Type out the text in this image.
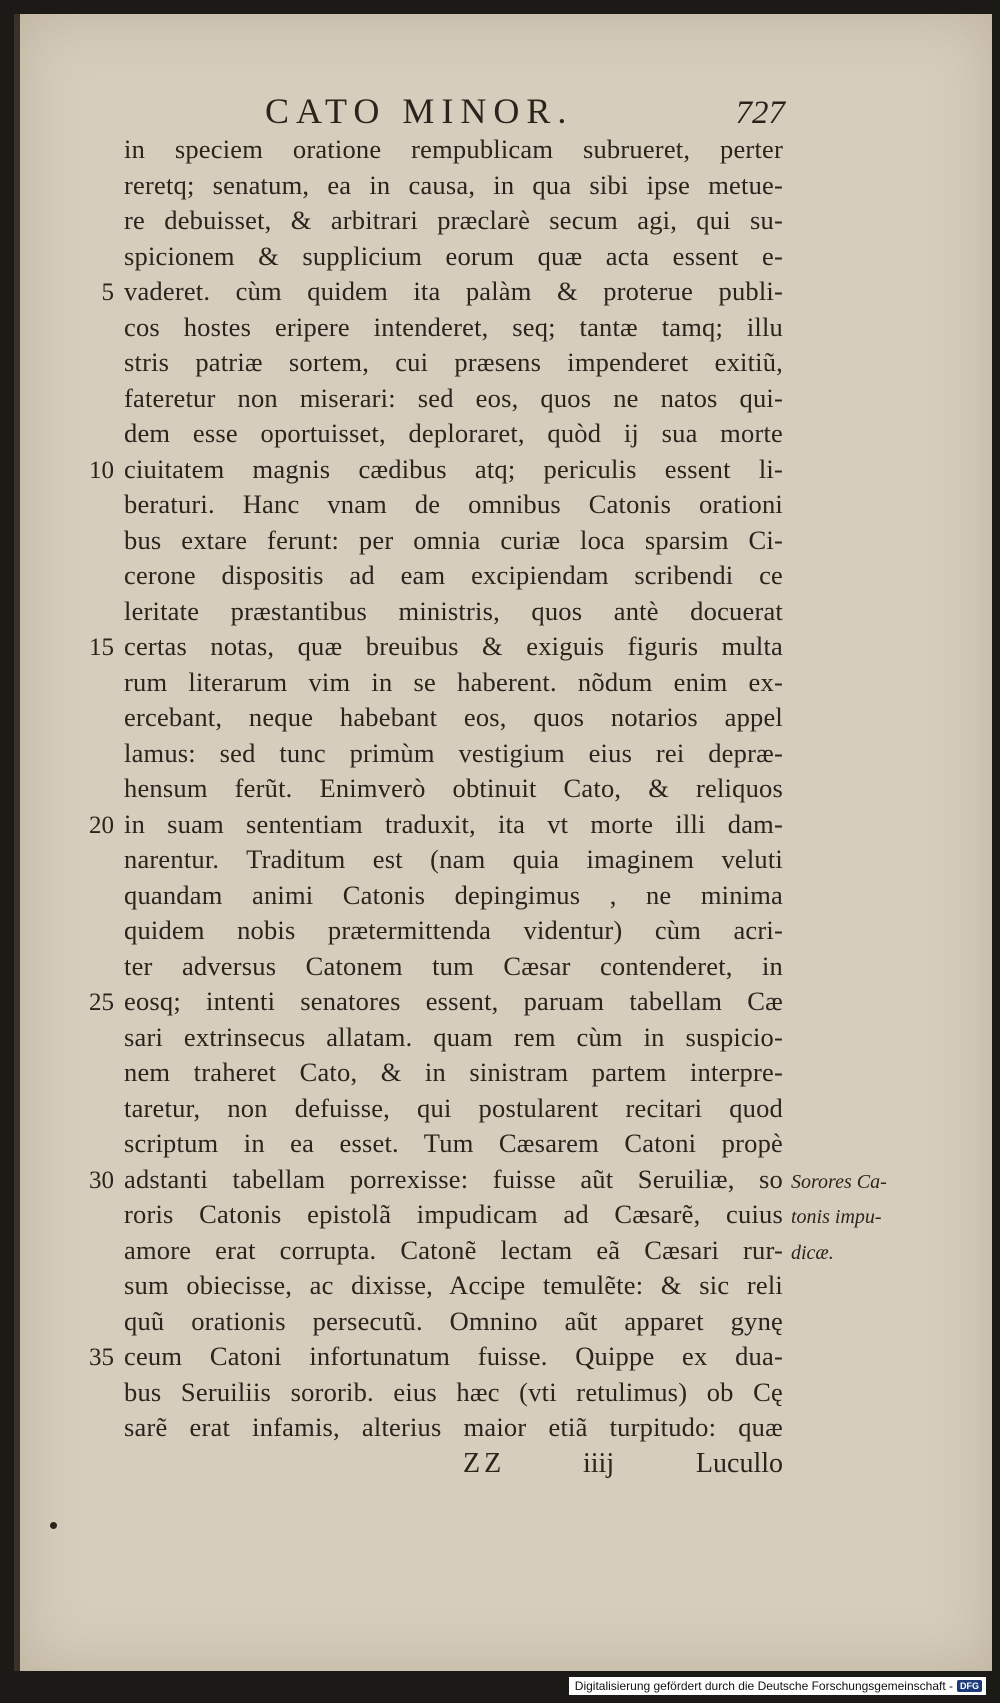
CATO MINOR.	727
in speciem oratione rempublicam subrueret, perter
reretq; senatum, ea in causa, in qua sibi ipse metue-
re debuisset, & arbitrari præclarè secum agi, qui su-
spicionem & supplicium eorum quæ acta essent e-
5 vaderet. cùm quidem ita palàm & proterue publi-
cos hostes eripere intenderet, seq; tantæ tamq; illu
stris patriæ sortem, cui præsens impenderet exitiũ,
fateretur non miserari: sed eos, quos ne natos qui-
dem esse oportuisset, deploraret, quòd ij sua morte
10 ciuitatem magnis cædibus atq; periculis essent li-
beraturi. Hanc vnam de omnibus Catonis orationi
bus extare ferunt: per omnia curiæ loca sparsim Ci-
cerone dispositis ad eam excipiendam scribendi ce
leritate præstantibus ministris, quos antè docuerat
15 certas notas, quæ breuibus & exiguis figuris multa
rum literarum vim in se haberent. nõdum enim ex-
ercebant, neque habebant eos, quos notarios appel
lamus: sed tunc primùm vestigium eius rei depræ-
hensum ferũt. Enimverò obtinuit Cato, & reliquos
20 in suam sententiam traduxit, ita vt morte illi dam-
narentur. Traditum est (nam quia imaginem veluti
quandam animi Catonis depingimus , ne minima
quidem nobis prætermittenda videntur) cùm acri-
ter adversus Catonem tum Cæsar contenderet, in
25 eosq; intenti senatores essent, paruam tabellam Cæ
sari extrinsecus allatam. quam rem cùm in suspicio-
nem traheret Cato, & in sinistram partem interpre-
taretur, non defuisse, qui postularent recitari quod
scriptum in ea esset. Tum Cæsarem Catoni propè
30 adstanti tabellam porrexisse: fuisse aũt Seruiliæ, so Sorores Ca-
roris Catonis epistolã impudicam ad Cæsarẽ, cuius tonis impu-
amore erat corrupta. Catonẽ lectam eã Cæsari rur- dicæ.
sum obiecisse, ac dixisse, Accipe temulẽte: & sic reli
quũ orationis persecutũ. Omnino aũt apparet gynę
35 ceum Catoni infortunatum fuisse. Quippe ex dua-
bus Seruiliis sororib. eius hæc (vti retulimus) ob Cę
sarẽ erat infamis, alterius maior etiã turpitudo: quæ
ZZ	iiij	Lucullo
Digitalisierung gefördert durch die Deutsche Forschungsgemeinschaft - DFG
